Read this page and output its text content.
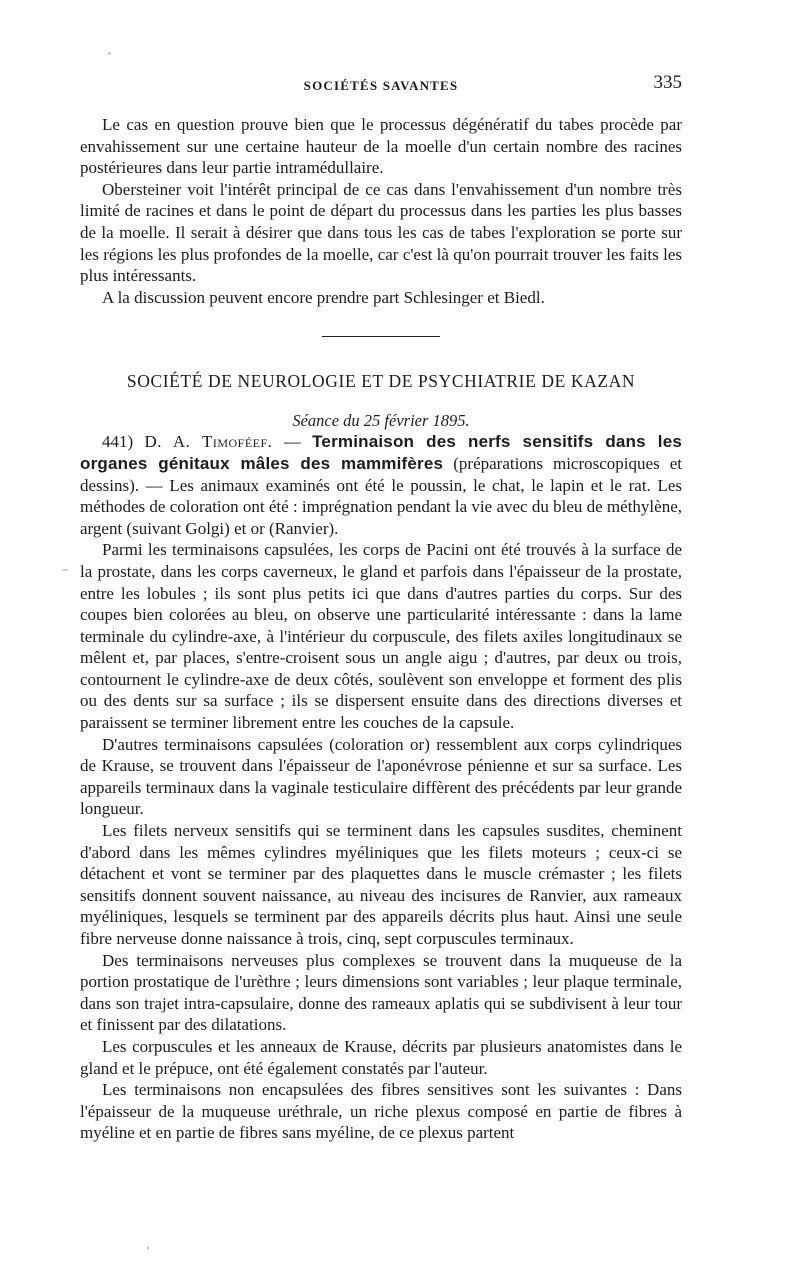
SOCIÉTÉS SAVANTES	335

Le cas en question prouve bien que le processus dégénératif du tabes procède par envahissement sur une certaine hauteur de la moelle d'un certain nombre des racines postérieures dans leur partie intramédullaire.

Obersteiner voit l'intérêt principal de ce cas dans l'envahissement d'un nombre très limité de racines et dans le point de départ du processus dans les parties les plus basses de la moelle. Il serait à désirer que dans tous les cas de tabes l'exploration se porte sur les régions les plus profondes de la moelle, car c'est là qu'on pourrait trouver les faits les plus intéressants.

A la discussion peuvent encore prendre part Schlesinger et Biedl.

SOCIÉTÉ DE NEUROLOGIE ET DE PSYCHIATRIE DE KAZAN
Séance du 25 février 1895.

441) D. A. Timoféef. — Terminaison des nerfs sensitifs dans les organes génitaux mâles des mammifères (préparations microscopiques et dessins). — Les animaux examinés ont été le poussin, le chat, le lapin et le rat. Les méthodes de coloration ont été : imprégnation pendant la vie avec du bleu de méthylène, argent (suivant Golgi) et or (Ranvier).

Parmi les terminaisons capsulées, les corps de Pacini ont été trouvés à la surface de la prostate, dans les corps caverneux, le gland et parfois dans l'épaisseur de la prostate, entre les lobules ; ils sont plus petits ici que dans d'autres parties du corps. Sur des coupes bien colorées au bleu, on observe une particularité intéressante : dans la lame terminale du cylindre-axe, à l'intérieur du corpuscule, des filets axiles longitudinaux se mêlent et, par places, s'entre-croisent sous un angle aigu ; d'autres, par deux ou trois, contournent le cylindre-axe de deux côtés, soulèvent son enveloppe et forment des plis ou des dents sur sa surface ; ils se dispersent ensuite dans des directions diverses et paraissent se terminer librement entre les couches de la capsule.

D'autres terminaisons capsulées (coloration or) ressemblent aux corps cylindriques de Krause, se trouvent dans l'épaisseur de l'aponévrose pénienne et sur sa surface. Les appareils terminaux dans la vaginale testiculaire diffèrent des précédents par leur grande longueur.

Les filets nerveux sensitifs qui se terminent dans les capsules susdites, cheminent d'abord dans les mêmes cylindres myéliniques que les filets moteurs ; ceux-ci se détachent et vont se terminer par des plaquettes dans le muscle crémaster ; les filets sensitifs donnent souvent naissance, au niveau des incisures de Ranvier, aux rameaux myéliniques, lesquels se terminent par des appareils décrits plus haut. Ainsi une seule fibre nerveuse donne naissance à trois, cinq, sept corpuscules terminaux.

Des terminaisons nerveuses plus complexes se trouvent dans la muqueuse de la portion prostatique de l'urèthre ; leurs dimensions sont variables ; leur plaque terminale, dans son trajet intra-capsulaire, donne des rameaux aplatis qui se subdivisent à leur tour et finissent par des dilatations.

Les corpuscules et les anneaux de Krause, décrits par plusieurs anatomistes dans le gland et le prépuce, ont été également constatés par l'auteur.

Les terminaisons non encapsulées des fibres sensitives sont les suivantes : Dans l'épaisseur de la muqueuse uréthrale, un riche plexus composé en partie de fibres à myéline et en partie de fibres sans myéline, de ce plexus partent
